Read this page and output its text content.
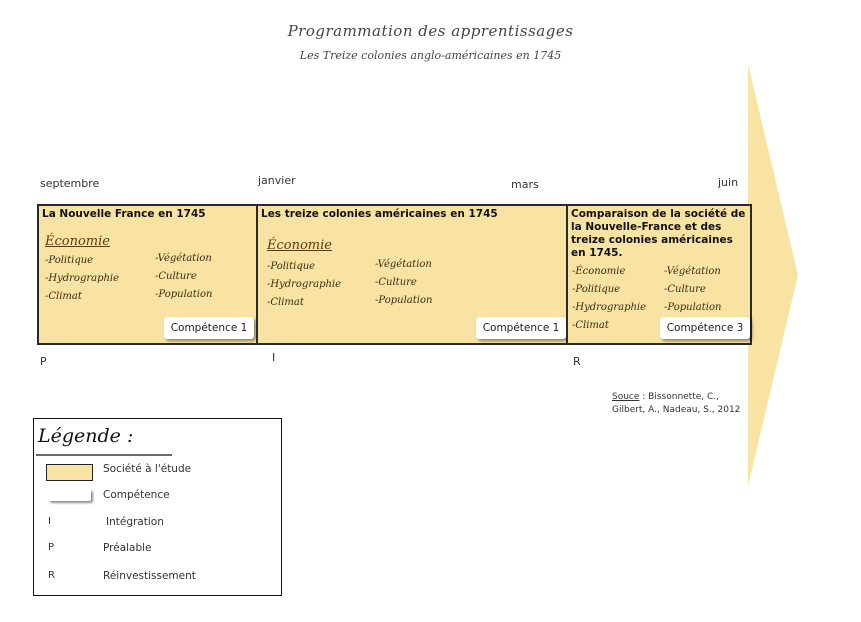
Programmation des apprentissages
Les Treize colonies anglo-américaines en 1745
septembre	janvier	mars	juin
La Nouvelle France en 1745
Économie
-Politique
-Hydrographie
-Climat
-Végétation
-Culture
-Population
Compétence 1
Les treize colonies américaines en 1745
Économie
-Politique
-Hydrographie
-Climat
-Végétation
-Culture
-Population
Compétence 1
Comparaison de la société de la Nouvelle-France et des treize colonies américaines en 1745.
-Économie
-Politique
-Hydrographie
-Climat
-Végétation
-Culture
-Population
Compétence 3
P	I	R
Souce : Bissonnette, C., Gilbert, A., Nadeau, S., 2012
Légende :
Société à l'étude
Compétence
I	Intégration
P	Préalable
R	Réinvestissement
